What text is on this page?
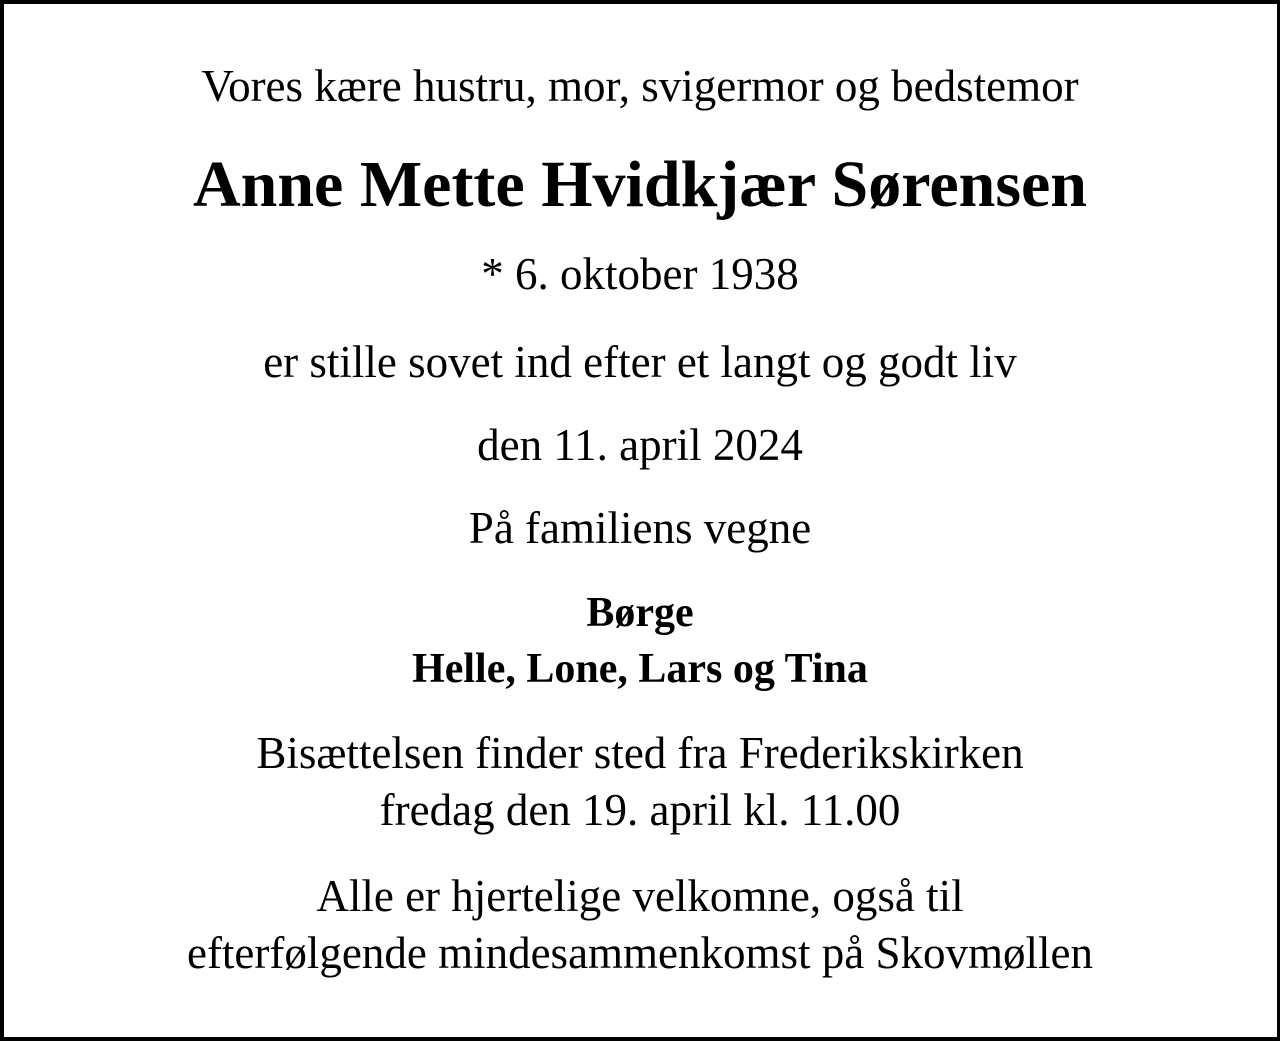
Vores kære hustru, mor, svigermor og bedstemor
Anne Mette Hvidkjær Sørensen
* 6. oktober 1938
er stille sovet ind efter et langt og godt liv
den 11. april 2024
På familiens vegne
Børge
Helle, Lone, Lars og Tina
Bisættelsen finder sted fra Frederikskirken
fredag den 19. april kl. 11.00
Alle er hjertelige velkomne, også til
efterfølgende mindesammenkomst på Skovmøllen
